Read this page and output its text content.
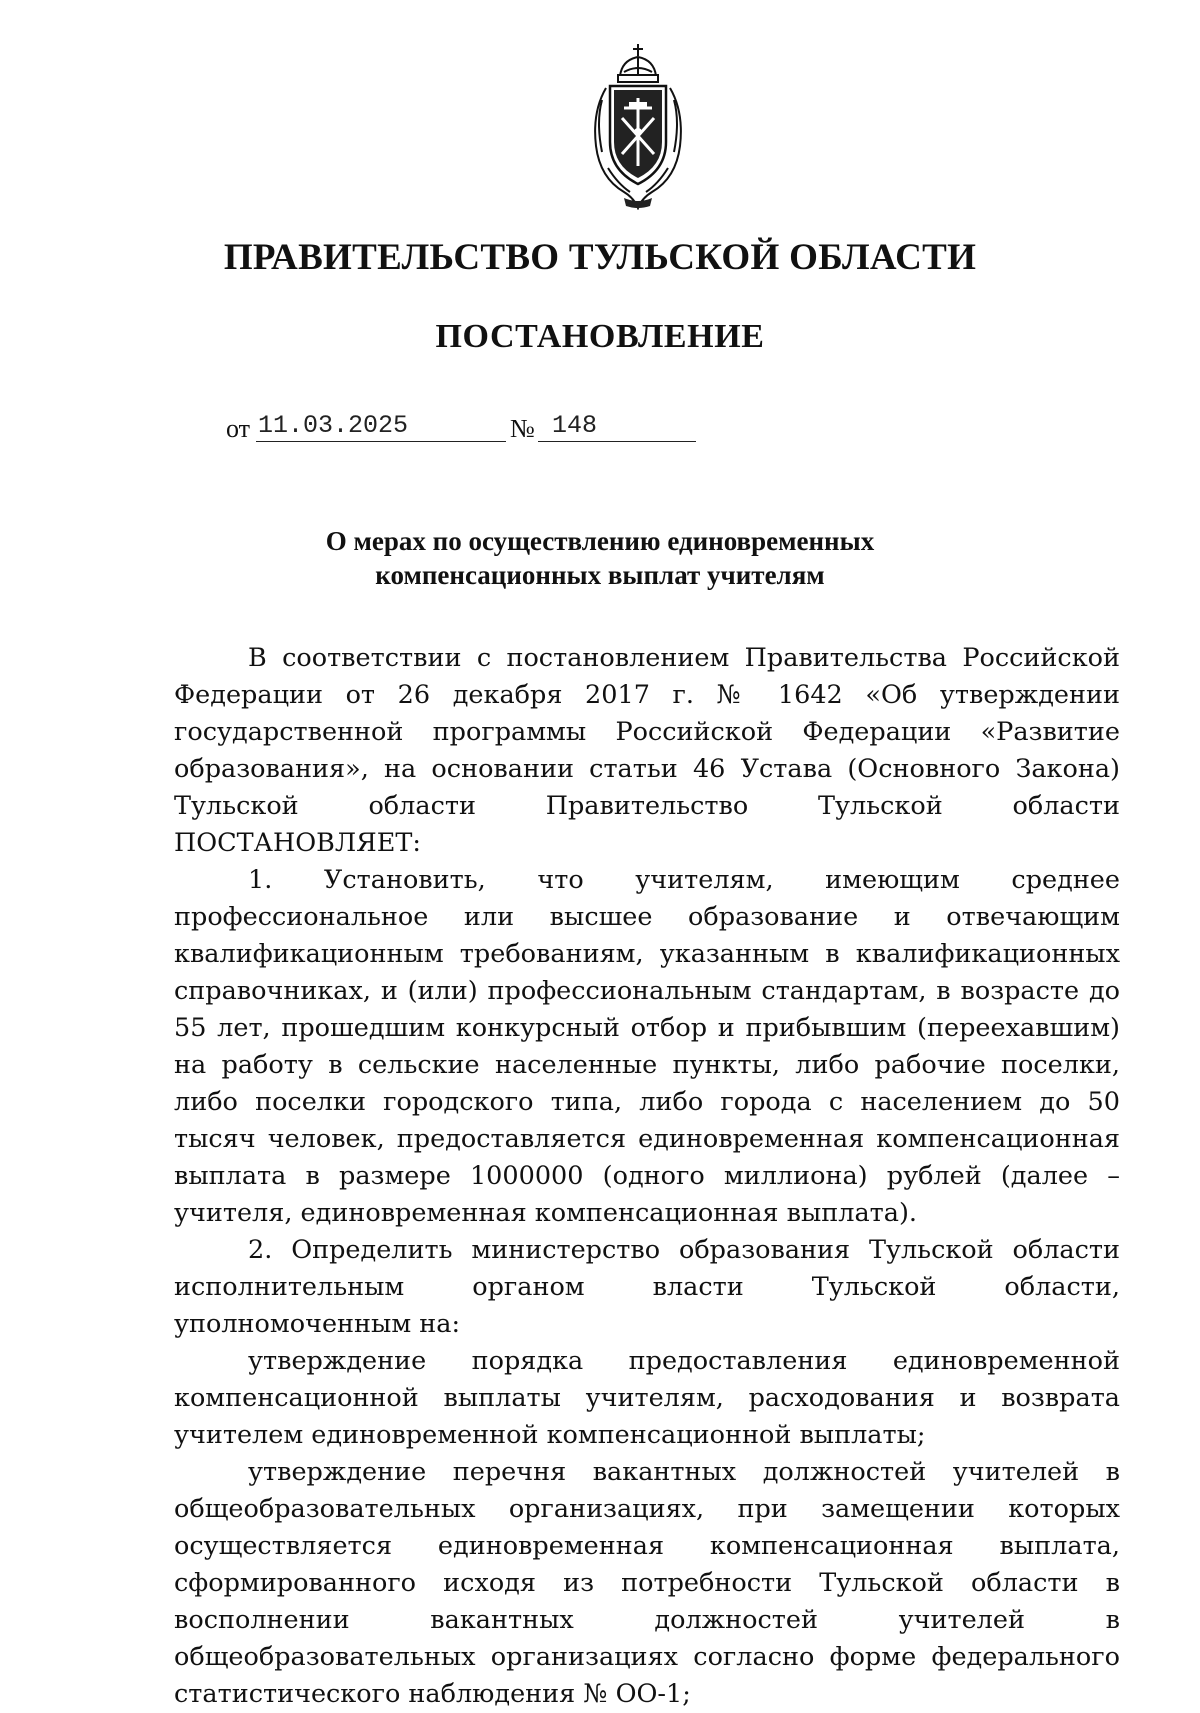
ПРАВИТЕЛЬСТВО ТУЛЬСКОЙ ОБЛАСТИ
ПОСТАНОВЛЕНИЕ
от 11.03.2025	№ 148
О мерах по осуществлению единовременных
компенсационных выплат учителям

В соответствии с постановлением Правительства Российской Федерации от 26 декабря 2017 г. № 1642 «Об утверждении государственной программы Российской Федерации «Развитие образования», на основании статьи 46 Устава (Основного Закона) Тульской области Правительство Тульской области ПОСТАНОВЛЯЕТ:

1. Установить, что учителям, имеющим среднее профессиональное или высшее образование и отвечающим квалификационным требованиям, указанным в квалификационных справочниках, и (или) профессиональным стандартам, в возрасте до 55 лет, прошедшим конкурсный отбор и прибывшим (переехавшим) на работу в сельские населенные пункты, либо рабочие поселки, либо поселки городского типа, либо города с населением до 50 тысяч человек, предоставляется единовременная компенсационная выплата в размере 1000000 (одного миллиона) рублей (далее – учителя, единовременная компенсационная выплата).

2. Определить министерство образования Тульской области исполнительным органом власти Тульской области, уполномоченным на:

утверждение порядка предоставления единовременной компенсационной выплаты учителям, расходования и возврата учителем единовременной компенсационной выплаты;

утверждение перечня вакантных должностей учителей в общеобразовательных организациях, при замещении которых осуществляется единовременная компенсационная выплата, сформированного исходя из потребности Тульской области в восполнении вакантных должностей учителей в общеобразовательных организациях согласно форме федерального статистического наблюдения № ОО-1;
